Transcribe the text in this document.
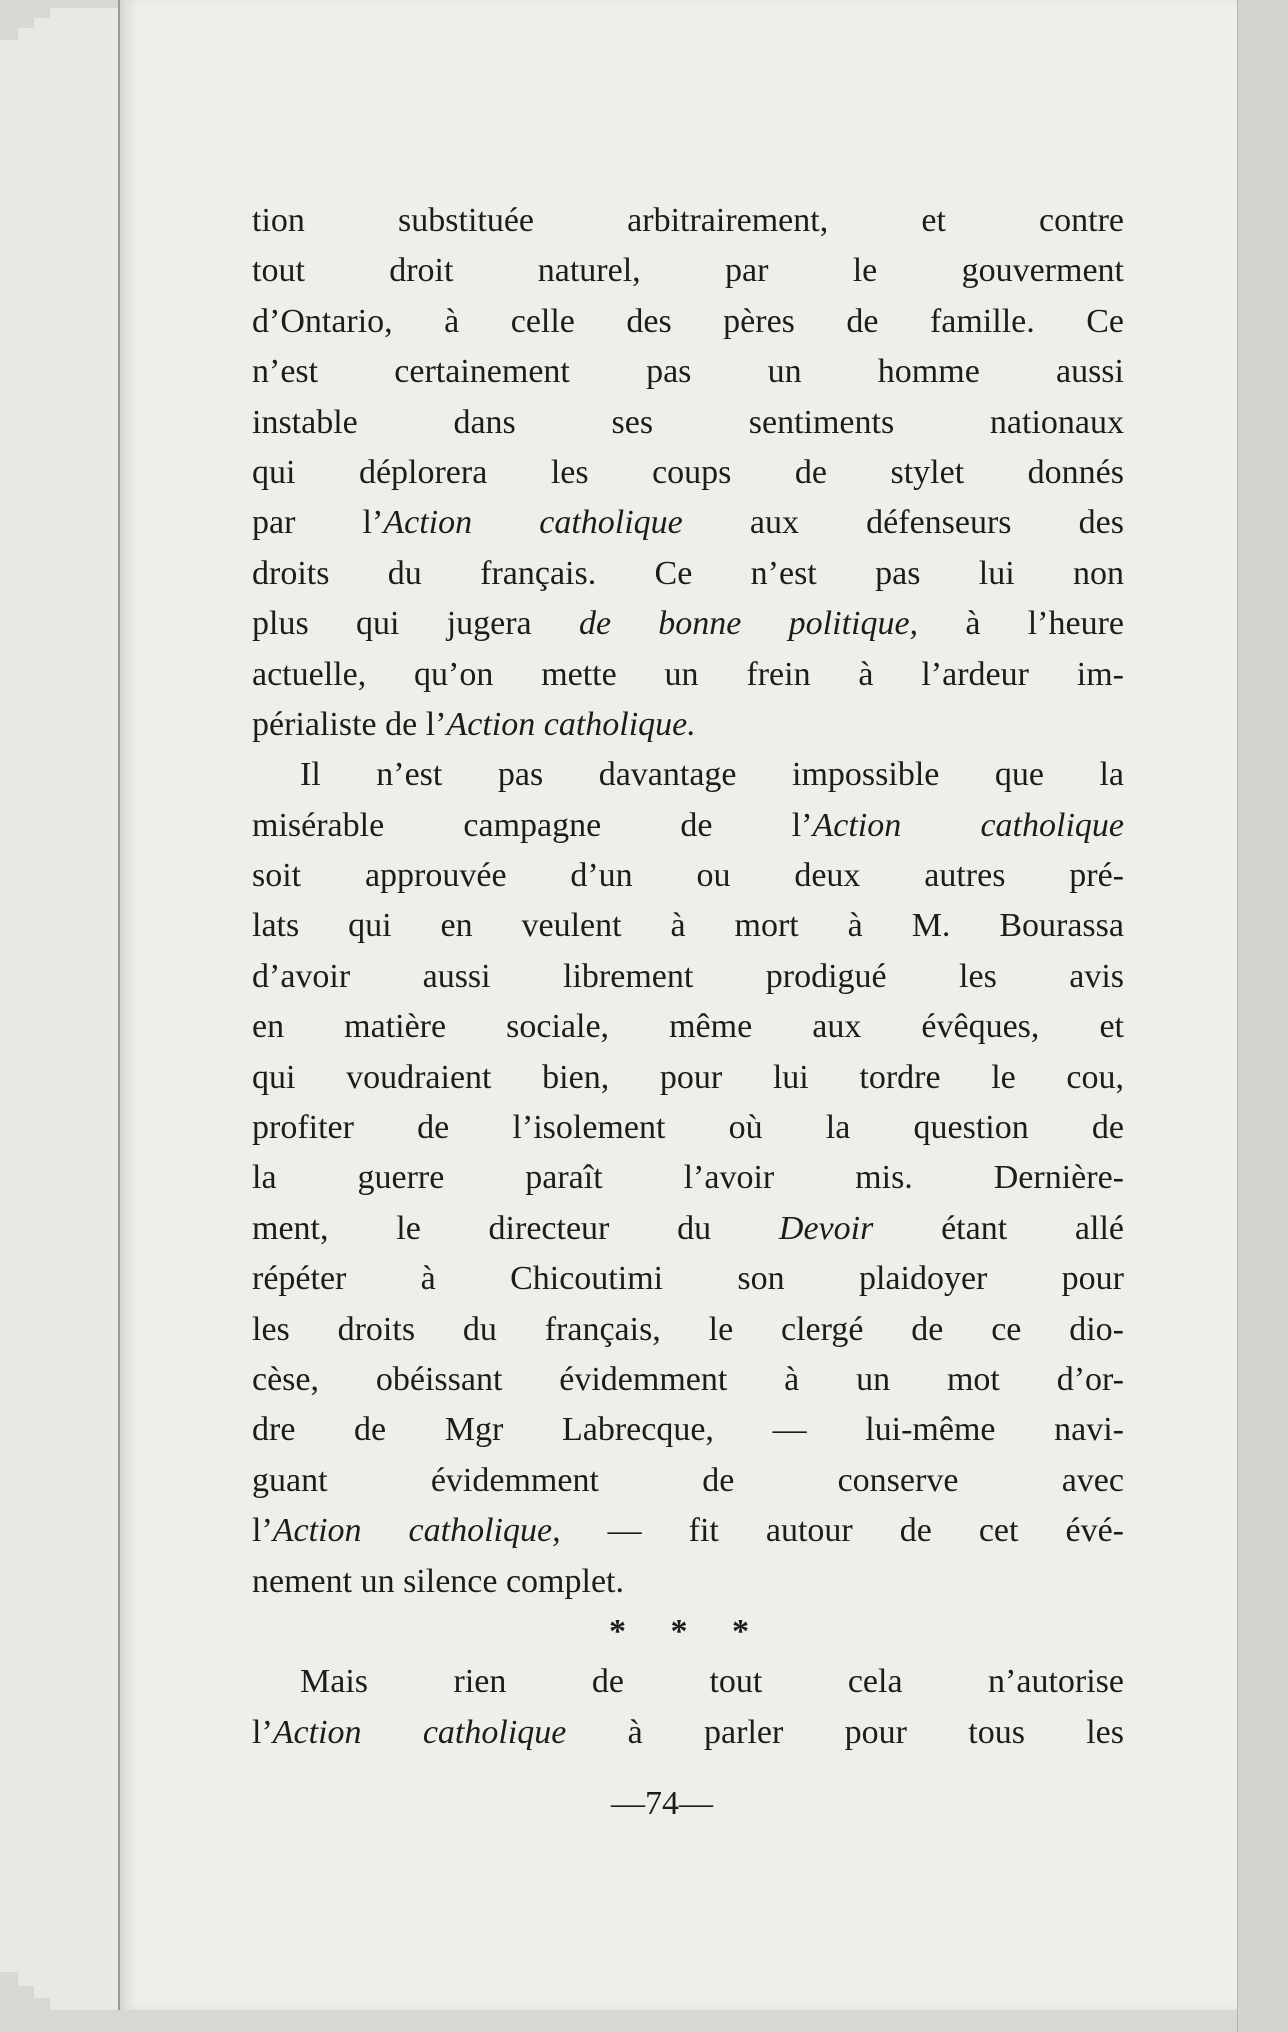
tion substituée arbitrairement, et contre
tout droit naturel, par le gouverment
d’Ontario, à celle des pères de famille. Ce
n’est certainement pas un homme aussi
instable dans ses sentiments nationaux
qui déplorera les coups de stylet donnés
par l’Action catholique aux défenseurs des
droits du français. Ce n’est pas lui non
plus qui jugera de bonne politique, à l’heure
actuelle, qu’on mette un frein à l’ardeur im-
périaliste de l’Action catholique.
Il n’est pas davantage impossible que la
misérable campagne de l’Action catholique
soit approuvée d’un ou deux autres pré-
lats qui en veulent à mort à M. Bourassa
d’avoir aussi librement prodigué les avis
en matière sociale, même aux évêques, et
qui voudraient bien, pour lui tordre le cou,
profiter de l’isolement où la question de
la guerre paraît l’avoir mis. Dernière-
ment, le directeur du Devoir étant allé
répéter à Chicoutimi son plaidoyer pour
les droits du français, le clergé de ce dio-
cèse, obéissant évidemment à un mot d’or-
dre de Mgr Labrecque, — lui-même navi-
guant évidemment de conserve avec
l’Action catholique, — fit autour de cet évé-
nement un silence complet.
* * *
Mais rien de tout cela n’autorise
l’Action catholique à parler pour tous les
—74—
